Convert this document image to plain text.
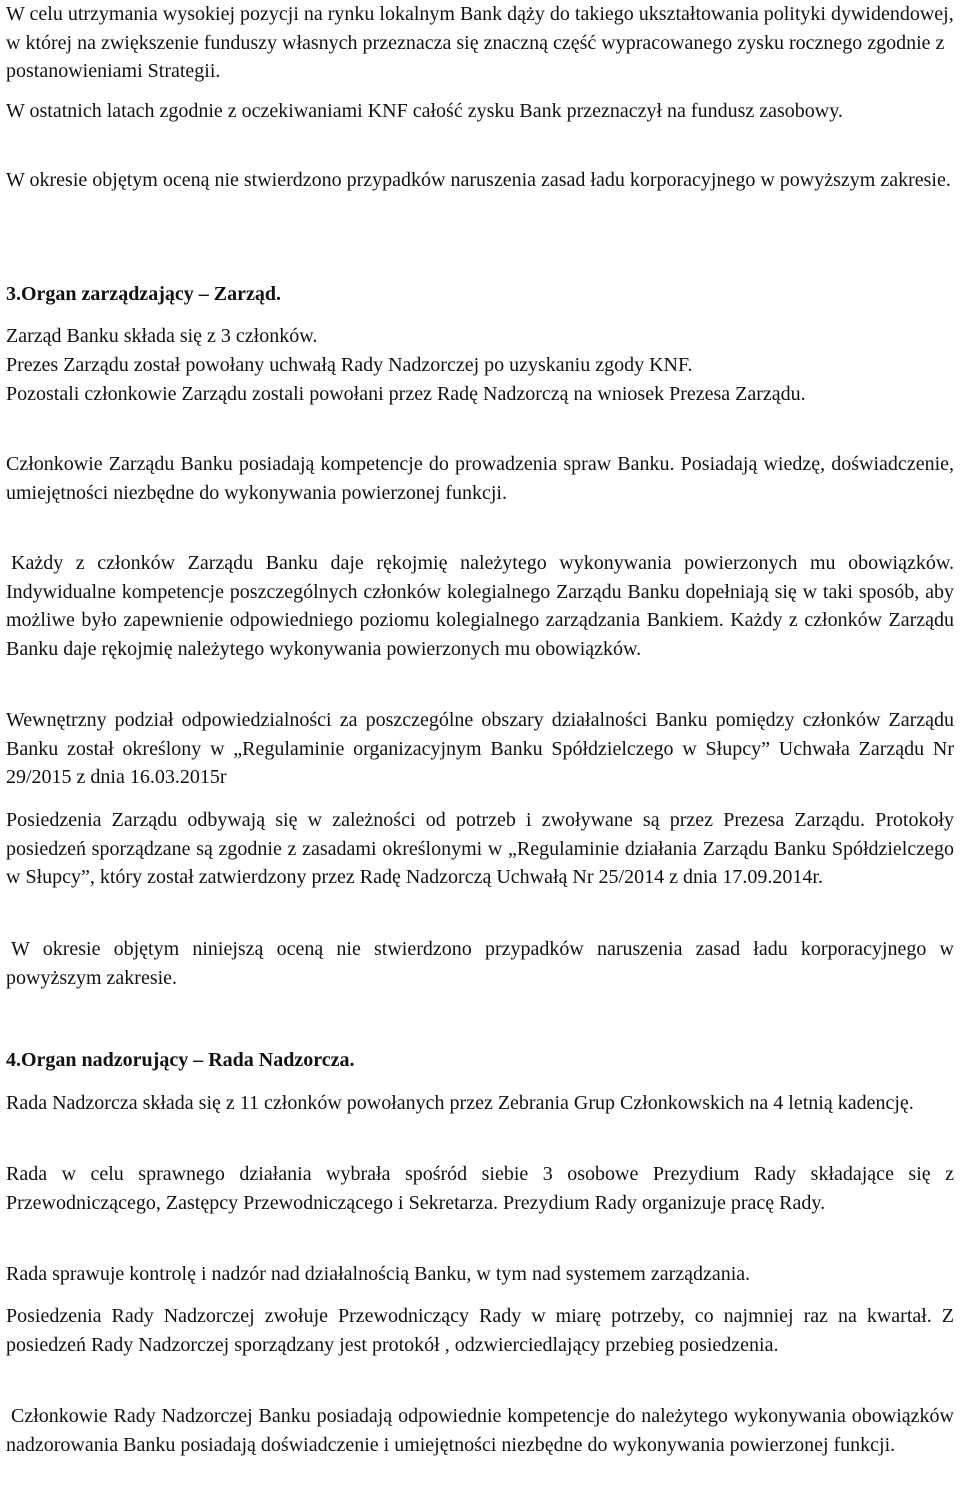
W celu utrzymania wysokiej pozycji na rynku lokalnym Bank dąży do takiego ukształtowania polityki dywidendowej, w której na zwiększenie funduszy własnych przeznacza się znaczną część wypracowanego zysku rocznego zgodnie z postanowieniami Strategii.

W ostatnich latach zgodnie z oczekiwaniami KNF całość zysku Bank przeznaczył na fundusz zasobowy.

W okresie objętym oceną nie stwierdzono przypadków naruszenia zasad ładu korporacyjnego w powyższym zakresie.

3.Organ zarządzający – Zarząd.

Zarząd Banku składa się z 3 członków.

Prezes Zarządu został powołany uchwałą Rady Nadzorczej po uzyskaniu zgody KNF.

Pozostali członkowie Zarządu zostali powołani przez Radę Nadzorczą na wniosek Prezesa Zarządu.

Członkowie Zarządu Banku posiadają kompetencje do prowadzenia spraw Banku. Posiadają wiedzę, doświadczenie, umiejętności niezbędne do wykonywania powierzonej funkcji.

Każdy z członków Zarządu Banku daje rękojmię należytego wykonywania powierzonych mu obowiązków. Indywidualne kompetencje poszczególnych członków kolegialnego Zarządu Banku dopełniają się w taki sposób, aby możliwe było zapewnienie odpowiedniego poziomu kolegialnego zarządzania Bankiem. Każdy z członków Zarządu Banku daje rękojmię należytego wykonywania powierzonych mu obowiązków.

Wewnętrzny podział odpowiedzialności za poszczególne obszary działalności Banku pomiędzy członków Zarządu Banku został określony w „Regulaminie organizacyjnym Banku Spółdzielczego w Słupcy” Uchwała Zarządu Nr 29/2015 z dnia 16.03.2015r

Posiedzenia Zarządu odbywają się w zależności od potrzeb i zwoływane są przez Prezesa Zarządu. Protokoły posiedzeń sporządzane są zgodnie z zasadami określonymi w „Regulaminie działania Zarządu Banku Spółdzielczego w Słupcy”, który został zatwierdzony przez Radę Nadzorczą Uchwałą Nr 25/2014 z dnia 17.09.2014r.

W okresie objętym niniejszą oceną nie stwierdzono przypadków naruszenia zasad ładu korporacyjnego w powyższym zakresie.

4.Organ nadzorujący – Rada Nadzorcza.

Rada Nadzorcza składa się z 11 członków powołanych przez Zebrania Grup Członkowskich na 4 letnią kadencję.

Rada w celu sprawnego działania wybrała spośród siebie 3 osobowe Prezydium Rady składające się z Przewodniczącego, Zastępcy Przewodniczącego i Sekretarza. Prezydium Rady organizuje pracę Rady.

Rada sprawuje kontrolę i nadzór nad działalnością Banku, w tym nad systemem zarządzania.

Posiedzenia Rady Nadzorczej zwołuje Przewodniczący Rady w miarę potrzeby, co najmniej raz na kwartał. Z posiedzeń Rady Nadzorczej sporządzany jest protokół , odzwierciedlający przebieg posiedzenia.

Członkowie Rady Nadzorczej Banku posiadają odpowiednie kompetencje do należytego wykonywania obowiązków nadzorowania Banku posiadają doświadczenie i umiejętności niezbędne do wykonywania powierzonej funkcji.
